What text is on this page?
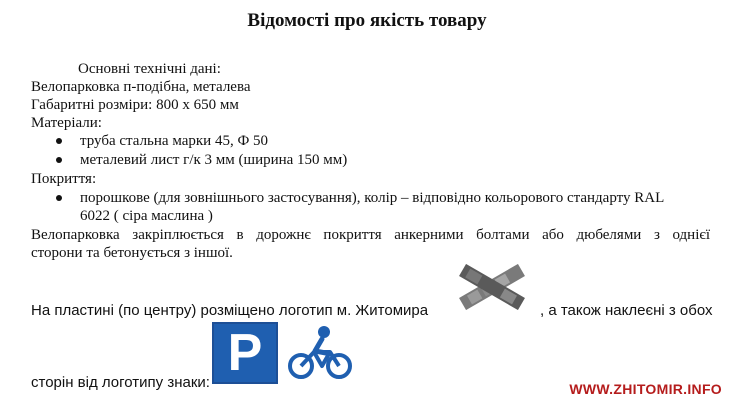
Відомості про якість товару
Основні технічні дані:
Велопарковка п-подібна, металева
Габаритні розміри: 800 х 650 мм
Матеріали:
труба стальна марки 45, Ф 50
металевий лист г/к 3 мм (ширина 150 мм)
Покриття:
порошкове (для зовнішнього застосування), колір – відповідно кольорового стандарту RAL
6022 ( сіра маслина )
Велопарковка закріплюється в дорожнє покриття анкерними болтами або дюбелями з однієї
сторони та бетонується з іншої.
На пластині (по центру) розміщено логотип м. Житомира	, а також наклеєні з обох
P
сторін від логотипу знаки:	WWW.ZHITOMIR.INFO
